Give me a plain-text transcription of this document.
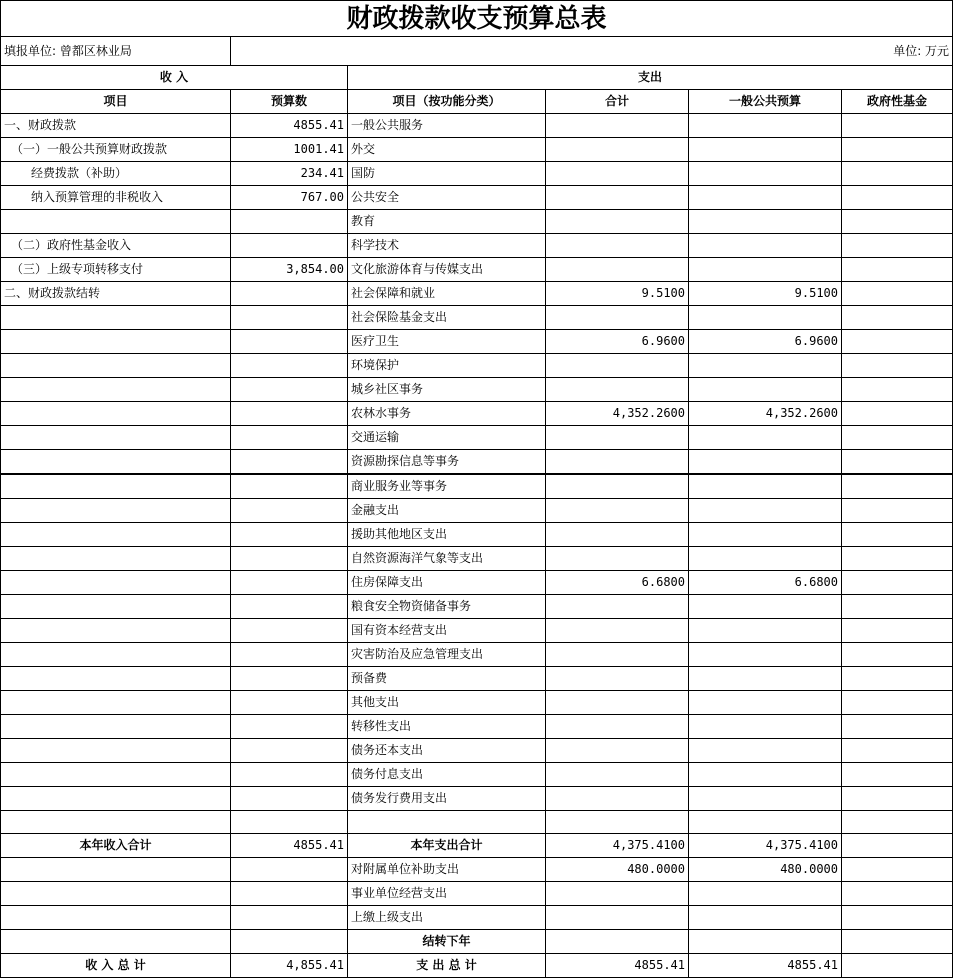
财政拨款收支预算总表
填报单位: 曾都区林业局	单位: 万元				
收 入		支出			
项目	预算数	项目（按功能分类）	合计	一般公共预算	政府性基金
一、财政拨款	4855.41	一般公共服务			
（一）一般公共预算财政拨款	1001.41	外交			
经费拨款（补助）	234.41	国防			
纳入预算管理的非税收入	767.00	公共安全			
		教育			
（二）政府性基金收入		科学技术			
（三）上级专项转移支付	3,854.00	文化旅游体育与传媒支出			
二、财政拨款结转		社会保障和就业	9.5100	9.5100	
		社会保险基金支出			
		医疗卫生	6.9600	6.9600	
		环境保护			
		城乡社区事务			
		农林水事务	4,352.2600	4,352.2600	
		交通运输			
		资源勘探信息等事务			
		商业服务业等事务			
		金融支出			
		援助其他地区支出			
		自然资源海洋气象等支出			
		住房保障支出	6.6800	6.6800	
		粮食安全物资储备事务			
		国有资本经营支出			
		灾害防治及应急管理支出			
		预备费			
		其他支出			
		转移性支出			
		债务还本支出			
		债务付息支出			
		债务发行费用支出			

本年收入合计	4855.41	本年支出合计	4,375.4100	4,375.4100	
		对附属单位补助支出	480.0000	480.0000	
		事业单位经营支出			
		上缴上级支出			
		结转下年			
收 入 总 计	4,855.41	支 出 总 计	4855.41	4855.41	
